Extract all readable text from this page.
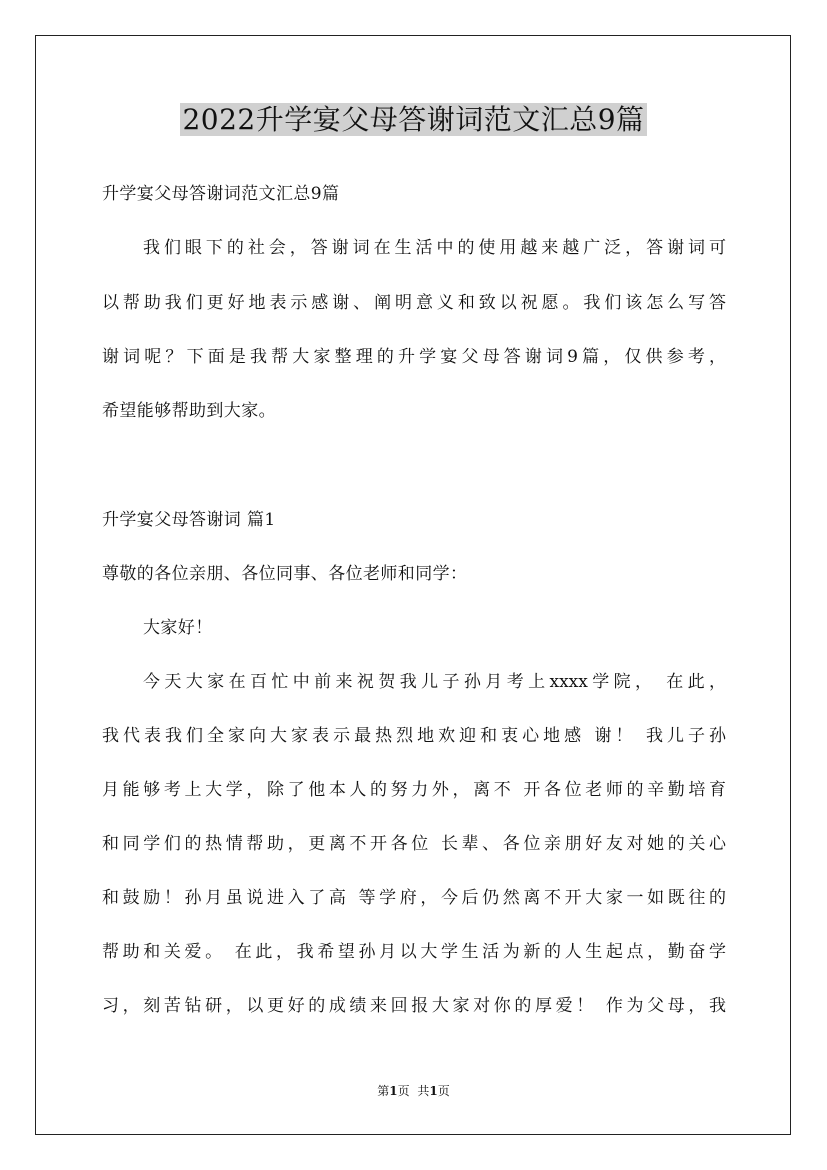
2022升学宴父母答谢词范文汇总9篇
升学宴父母答谢词范文汇总9篇
我们眼下的社会，答谢词在生活中的使用越来越广泛，答谢词可
以帮助我们更好地表示感谢、阐明意义和致以祝愿。我们该怎么写答
谢词呢？下面是我帮大家整理的升学宴父母答谢词9篇，仅供参考，
希望能够帮助到大家。
升学宴父母答谢词 篇1
尊敬的各位亲朋、各位同事、各位老师和同学：
大家好！
今天大家在百忙中前来祝贺我儿子孙月考上xxxx学院， 在此，
我代表我们全家向大家表示最热烈地欢迎和衷心地感 谢！ 我儿子孙
月能够考上大学，除了他本人的努力外，离不 开各位老师的辛勤培育
和同学们的热情帮助，更离不开各位 长辈、各位亲朋好友对她的关心
和鼓励！孙月虽说进入了高 等学府，今后仍然离不开大家一如既往的
帮助和关爱。 在此，我希望孙月以大学生活为新的人生起点，勤奋学
习，刻苦钻研，以更好的成绩来回报大家对你的厚爱！ 作为父母，我
第1页 共1页
